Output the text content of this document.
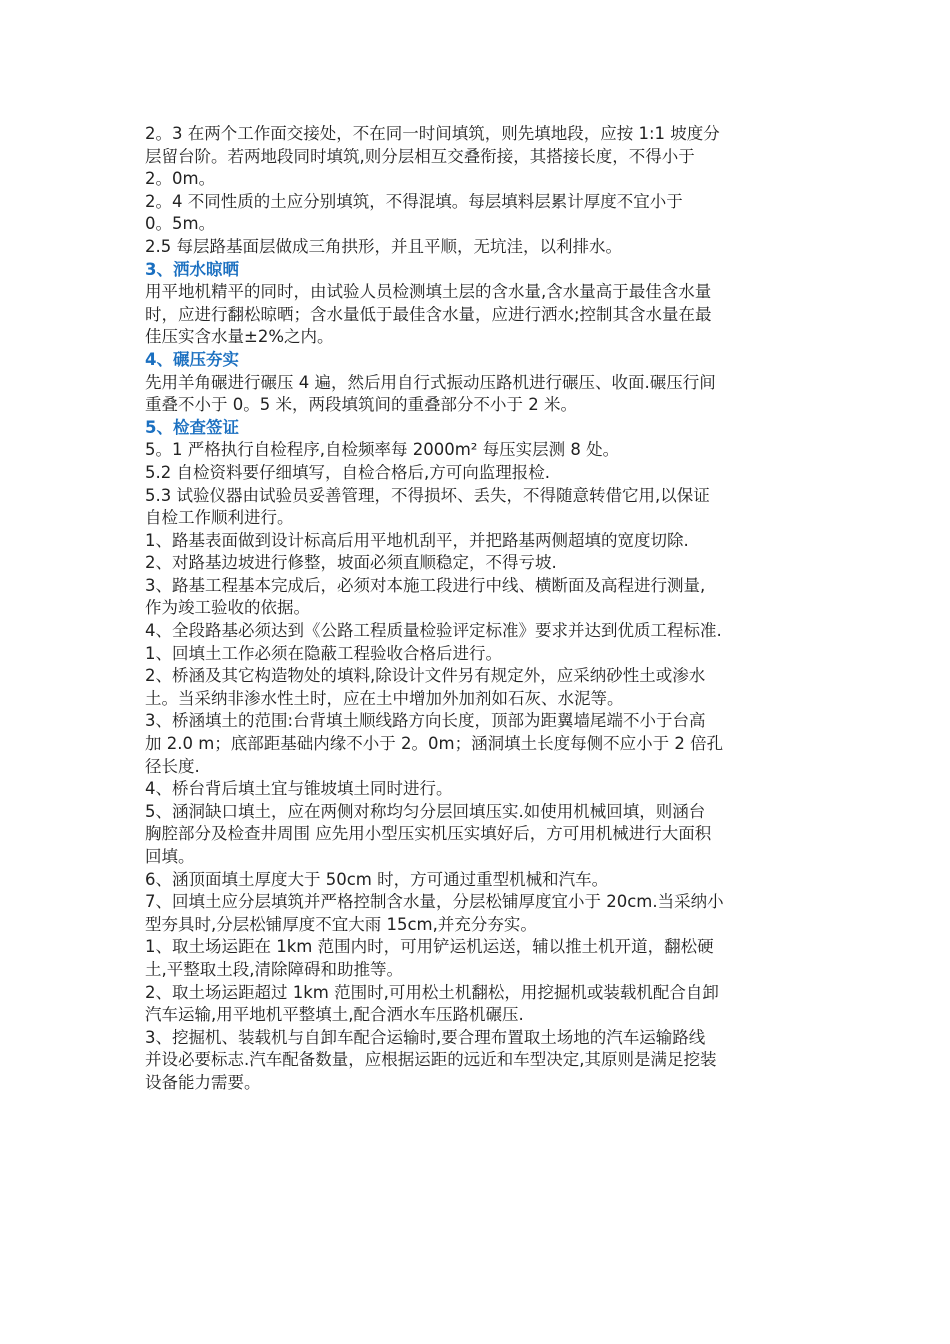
2。3 在两个工作面交接处，不在同一时间填筑，则先填地段，应按 1:1 坡度分
层留台阶。若两地段同时填筑,则分层相互交叠衔接，其搭接长度，不得小于
2。0m。
2。4 不同性质的土应分别填筑，不得混填。每层填料层累计厚度不宜小于
0。5m。
2.5 每层路基面层做成三角拱形，并且平顺，无坑洼，以利排水。
3、洒水晾晒
用平地机精平的同时，由试验人员检测填土层的含水量,含水量高于最佳含水量
时，应进行翻松晾晒；含水量低于最佳含水量，应进行洒水;控制其含水量在最
佳压实含水量±2%之内。
4、碾压夯实
先用羊角碾进行碾压 4 遍，然后用自行式振动压路机进行碾压、收面.碾压行间
重叠不小于 0。5 米，两段填筑间的重叠部分不小于 2 米。
5、检查签证
5。1 严格执行自检程序,自检频率每 2000m² 每压实层测 8 处。
5.2 自检资料要仔细填写，自检合格后,方可向监理报检.
5.3 试验仪器由试验员妥善管理，不得损坏、丢失，不得随意转借它用,以保证
自检工作顺利进行。
1、路基表面做到设计标高后用平地机刮平，并把路基两侧超填的宽度切除.
2、对路基边坡进行修整，坡面必须直顺稳定，不得亏坡.
3、路基工程基本完成后，必须对本施工段进行中线、横断面及高程进行测量,
作为竣工验收的依据。
4、全段路基必须达到《公路工程质量检验评定标准》要求并达到优质工程标准.
1、回填土工作必须在隐蔽工程验收合格后进行。
2、桥涵及其它构造物处的填料,除设计文件另有规定外，应采纳砂性土或渗水
土。当采纳非渗水性土时，应在土中增加外加剂如石灰、水泥等。
3、桥涵填土的范围:台背填土顺线路方向长度，顶部为距翼墙尾端不小于台高
加 2.0 m；底部距基础内缘不小于 2。0m；涵洞填土长度每侧不应小于 2 倍孔
径长度.
4、桥台背后填土宜与锥坡填土同时进行。
5、涵洞缺口填土，应在两侧对称均匀分层回填压实.如使用机械回填，则涵台
胸腔部分及检查井周围 应先用小型压实机压实填好后，方可用机械进行大面积
回填。
6、涵顶面填土厚度大于 50cm 时，方可通过重型机械和汽车。
7、回填土应分层填筑并严格控制含水量，分层松铺厚度宜小于 20cm.当采纳小
型夯具时,分层松铺厚度不宜大雨 15cm,并充分夯实。
1、取土场运距在 1km 范围内时，可用铲运机运送，辅以推土机开道，翻松硬
土,平整取土段,清除障碍和助推等。
2、取土场运距超过 1km 范围时,可用松土机翻松，用挖掘机或装载机配合自卸
汽车运输,用平地机平整填土,配合洒水车压路机碾压.
3、挖掘机、装载机与自卸车配合运输时,要合理布置取土场地的汽车运输路线
并设必要标志.汽车配备数量，应根据运距的远近和车型决定,其原则是满足挖装
设备能力需要。
